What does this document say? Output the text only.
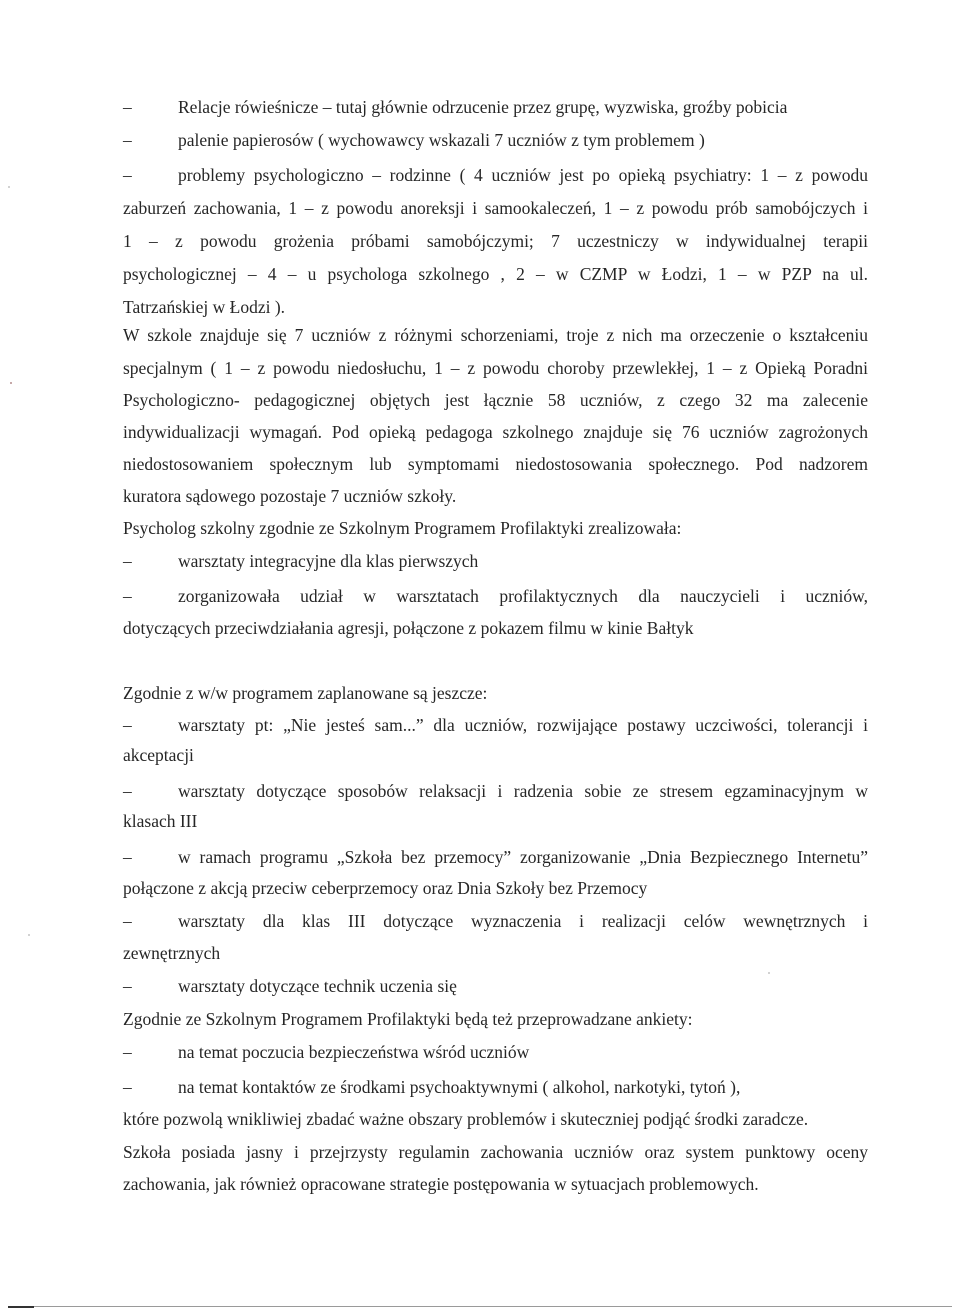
–	Relacje rówieśnicze – tutaj głównie odrzucenie przez grupę, wyzwiska, groźby pobicia
–	palenie papierosów ( wychowawcy wskazali 7 uczniów z tym problemem )
–	problemy psychologiczno – rodzinne ( 4 uczniów jest po opieką psychiatry: 1 – z powodu
zaburzeń zachowania, 1 – z powodu anoreksji i samookaleczeń, 1 – z powodu prób samobójczych i
1 – z powodu grożenia próbami samobójczymi; 7 uczestniczy w indywidualnej terapii
psychologicznej – 4 – u psychologa szkolnego , 2 – w CZMP w Łodzi, 1 – w PZP na ul.
Tatrzańskiej w Łodzi ).
W szkole znajduje się 7 uczniów z różnymi schorzeniami, troje z nich ma orzeczenie o kształceniu
specjalnym ( 1 – z powodu niedosłuchu, 1 – z powodu choroby przewlekłej, 1 – z Opieką Poradni
Psychologiczno- pedagogicznej objętych jest łącznie 58 uczniów, z czego 32 ma zalecenie
indywidualizacji wymagań. Pod opieką pedagoga szkolnego znajduje się 76 uczniów zagrożonych
niedostosowaniem społecznym lub symptomami niedostosowania społecznego. Pod nadzorem
kuratora sądowego pozostaje 7 uczniów szkoły.
Psycholog szkolny zgodnie ze Szkolnym Programem Profilaktyki zrealizowała:
–	warsztaty integracyjne dla klas pierwszych
–	zorganizowała udział w warsztatach profilaktycznych dla nauczycieli i uczniów,
dotyczących przeciwdziałania agresji, połączone z pokazem filmu w kinie Bałtyk
Zgodnie z w/w programem zaplanowane są jeszcze:
–	warsztaty pt: „Nie jesteś sam...” dla uczniów, rozwijające postawy uczciwości, tolerancji i
akceptacji
–	warsztaty dotyczące sposobów relaksacji i radzenia sobie ze stresem egzaminacyjnym w
klasach III
–	w ramach programu „Szkoła bez przemocy” zorganizowanie „Dnia Bezpiecznego Internetu”
połączone z akcją przeciw ceberprzemocy oraz Dnia Szkoły bez Przemocy
–	warsztaty dla klas III dotyczące wyznaczenia i realizacji celów wewnętrznych i
zewnętrznych
–	warsztaty dotyczące technik uczenia się
Zgodnie ze Szkolnym Programem Profilaktyki będą też przeprowadzane ankiety:
–	na temat poczucia bezpieczeństwa wśród uczniów
–	na temat kontaktów ze środkami psychoaktywnymi ( alkohol, narkotyki, tytoń ),
które pozwolą wnikliwiej zbadać ważne obszary problemów i skuteczniej podjąć środki zaradcze.
Szkoła posiada jasny i przejrzysty regulamin zachowania uczniów oraz system punktowy oceny
zachowania, jak również opracowane strategie postępowania w sytuacjach problemowych.
